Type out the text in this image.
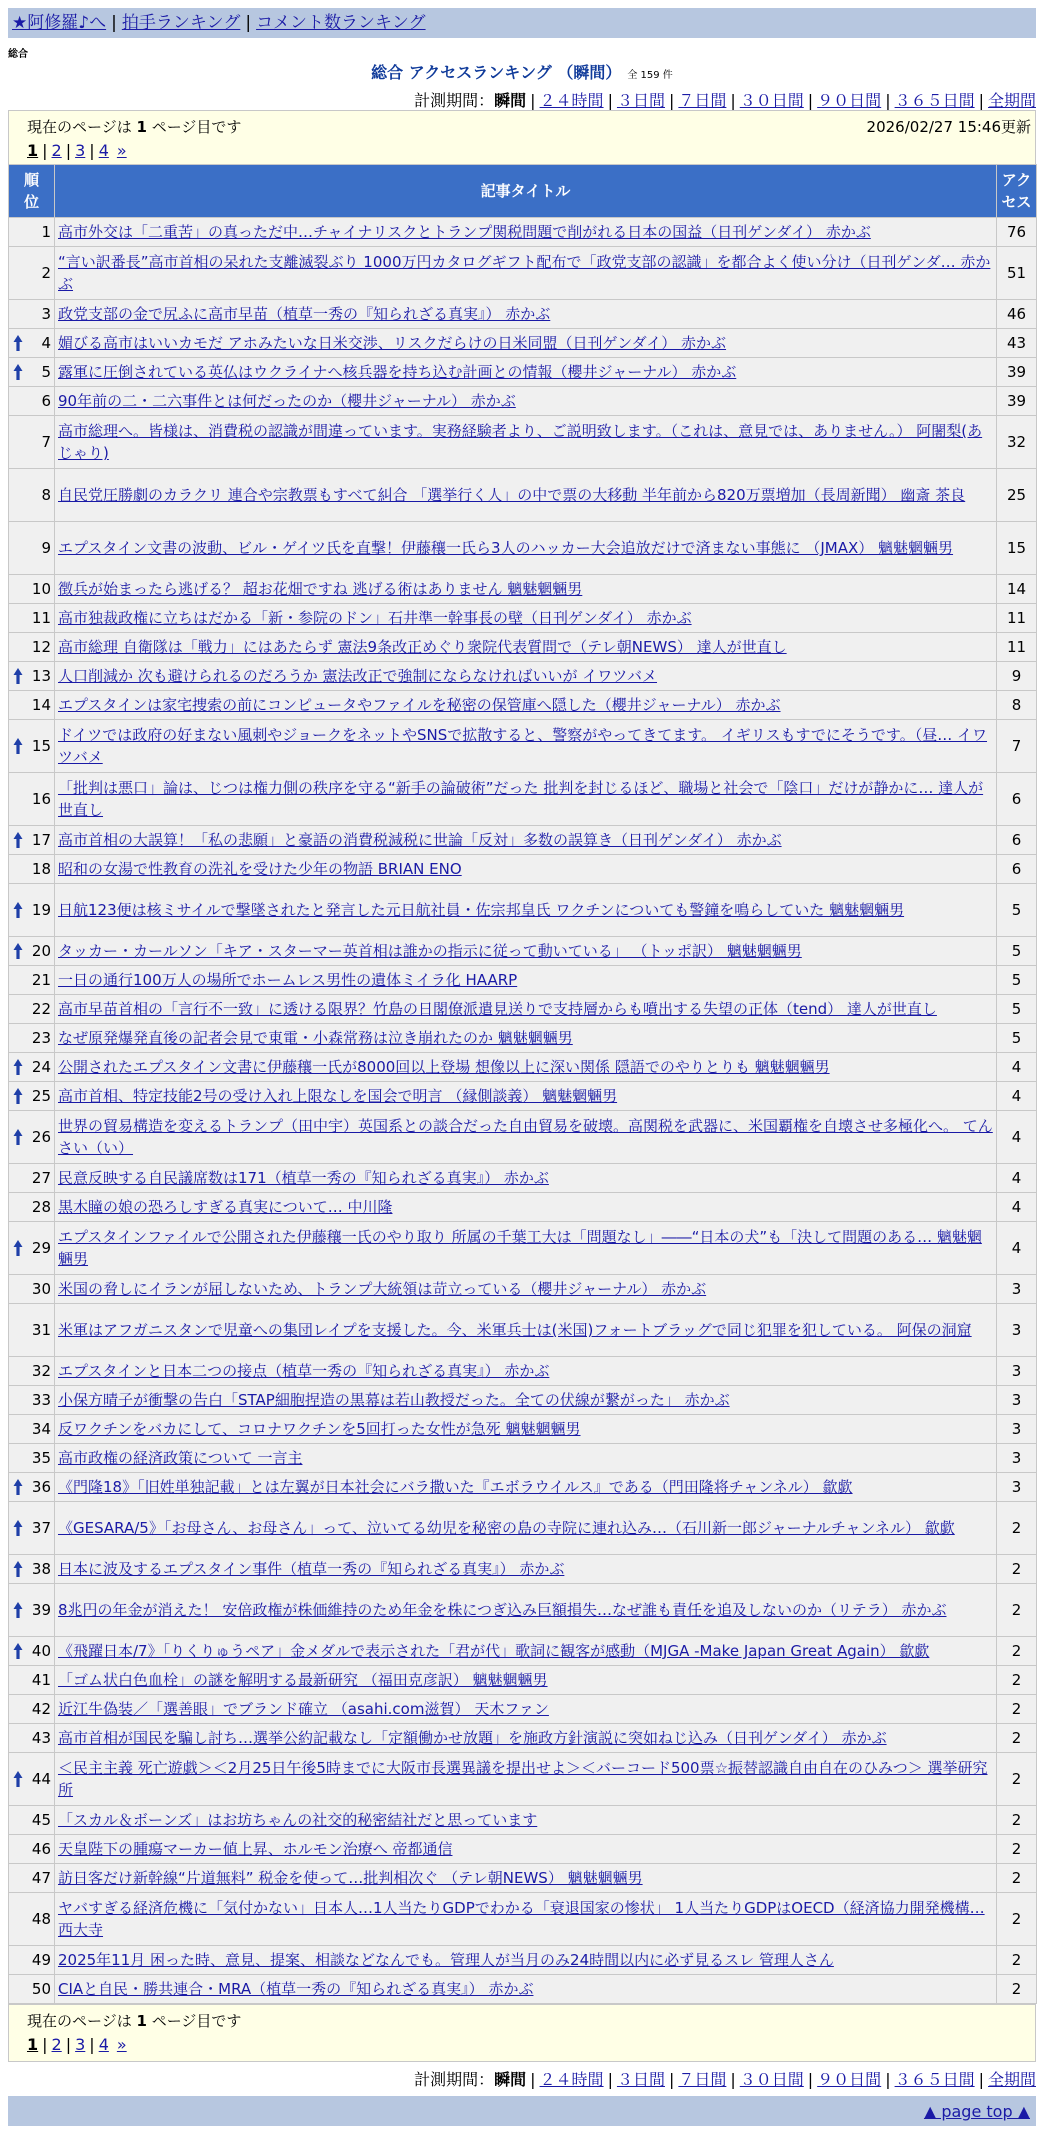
★阿修羅♪へ | 拍手ランキング | コメント数ランキング
総合
総合 アクセスランキング （瞬間） 全 159 件
計測期間：瞬間 | ２４時間 | ３日間 | ７日間 | ３０日間 | ９０日間 | ３６５日間 | 全期間
現在のページは 1 ページ目です	2026/02/27 15:46更新
1 | 2 | 3 | 4 »
順
位	記事タイトル	アク
セス
1	高市外交は「二重苦」の真っただ中…チャイナリスクとトランプ関税問題で削がれる日本の国益（日刊ゲンダイ） 赤かぶ	76
2	“言い訳番長”高市首相の呆れた支離滅裂ぶり 1000万円カタログギフト配布で「政党支部の認識」を都合よく使い分け（日刊ゲンダ… 赤かぶ	51
3	政党支部の金で尻ふに高市早苗（植草一秀の『知られざる真実』） 赤かぶ	46

4	媚びる高市はいいカモだ アホみたいな日米交渉、リスクだらけの日米同盟（日刊ゲンダイ） 赤かぶ	43

5	露軍に圧倒されている英仏はウクライナへ核兵器を持ち込む計画との情報（櫻井ジャーナル） 赤かぶ	39
6	90年前の二・二六事件とは何だったのか（櫻井ジャーナル） 赤かぶ	39
7	高市総理へ。皆様は、消費税の認識が間違っています。実務経験者より、ご説明致します。（これは、意見では、ありません。） 阿闍梨(あじゃり)	32
8	自民党圧勝劇のカラクリ 連合や宗教票もすべて糾合 「選挙行く人」の中で票の大移動 半年前から820万票増加（長周新聞） 幽斎 茶良	25
9	エプスタイン文書の波動、ビル・ゲイツ氏を直撃！伊藤穰一氏ら3人のハッカー大会追放だけで済まない事態に （JMAX） 魑魅魍魎男	15
10	徴兵が始まったら逃げる？ 超お花畑ですね 逃げる術はありません 魑魅魍魎男	14
11	高市独裁政権に立ちはだかる「新・参院のドン」石井準一幹事長の壁（日刊ゲンダイ） 赤かぶ	11
12	高市総理 自衛隊は「戦力」にはあたらず 憲法9条改正めぐり衆院代表質問で（テレ朝NEWS） 達人が世直し	11

13	人口削減か 次も避けられるのだろうか 憲法改正で強制にならなければいいが イワツバメ	9
14	エプスタインは家宅捜索の前にコンピュータやファイルを秘密の保管庫へ隠した（櫻井ジャーナル） 赤かぶ	8

15	ドイツでは政府の好まない風刺やジョークをネットやSNSで拡散すると、警察がやってきてます。 イギリスもすでにそうです。（昼… イワツバメ	7
16	「批判は悪口」論は、じつは権力側の秩序を守る“新手の論破術”だった 批判を封じるほど、職場と社会で「陰口」だけが静かに… 達人が世直し	6

17	高市首相の大誤算！「私の悲願」と豪語の消費税減税に世論「反対」多数の誤算き（日刊ゲンダイ） 赤かぶ	6
18	昭和の女湯で性教育の洗礼を受けた少年の物語 BRIAN ENO	6

19	日航123便は核ミサイルで撃墜されたと発言した元日航社員・佐宗邦皇氏 ワクチンについても警鐘を鳴らしていた 魑魅魍魎男	5

20	タッカー・カールソン「キア・スターマー英首相は誰かの指示に従って動いている」 （トッポ訳） 魑魅魍魎男	5
21	一日の通行100万人の場所でホームレス男性の遺体ミイラ化 HAARP	5
22	高市早苗首相の「言行不一致」に透ける限界？竹島の日閣僚派遣見送りで支持層からも噴出する失望の正体（tend） 達人が世直し	5
23	なぜ原発爆発直後の記者会見で東電・小森常務は泣き崩れたのか 魑魅魍魎男	5

24	公開されたエプスタイン文書に伊藤穰一氏が8000回以上登場 想像以上に深い関係 隠語でのやりとりも 魑魅魍魎男	4

25	高市首相、特定技能2号の受け入れ上限なしを国会で明言 （縁側談義） 魑魅魍魎男	4

26	世界の貿易構造を変えるトランプ（田中宇）英国系との談合だった自由貿易を破壊。高関税を武器に、米国覇権を自壊させ多極化へ。 てんさい（い）	4
27	民意反映する自民議席数は171（植草一秀の『知られざる真実』） 赤かぶ	4
28	黒木瞳の娘の恐ろしすぎる真実について… 中川隆	4

29	エプスタインファイルで公開された伊藤穰一氏のやり取り 所属の千葉工大は「問題なし」――“日本の犬”も「決して問題のある… 魑魅魍魎男	4
30	米国の脅しにイランが屈しないため、トランプ大統領は苛立っている（櫻井ジャーナル） 赤かぶ	3
31	米軍はアフガニスタンで児童への集団レイプを支援した。今、米軍兵士は(米国)フォートブラッグで同じ犯罪を犯している。 阿保の洞窟	3
32	エプスタインと日本二つの接点（植草一秀の『知られざる真実』） 赤かぶ	3
33	小保方晴子が衝撃の告白「STAP細胞捏造の黒幕は若山教授だった。全ての伏線が繋がった」 赤かぶ	3
34	反ワクチンをバカにして、コロナワクチンを5回打った女性が急死 魑魅魍魎男	3
35	高市政権の経済政策について 一言主	3

36	《門隆18》「旧姓単独記載」とは左翼が日本社会にバラ撒いた『エボラウイルス』である（門田隆将チャンネル） 歙歔	3

37	《GESARA/5》「お母さん、お母さん」って、泣いてる幼児を秘密の島の寺院に連れ込み…（石川新一郎ジャーナルチャンネル） 歙歔	2

38	日本に波及するエプスタイン事件（植草一秀の『知られざる真実』） 赤かぶ	2

39	8兆円の年金が消えた！ 安倍政権が株価維持のため年金を株につぎ込み巨額損失…なぜ誰も責任を追及しないのか（リテラ） 赤かぶ	2

40	《飛躍日本/7》「りくりゅうペア」金メダルで表示された「君が代」歌詞に観客が感動（MJGA -Make Japan Great Again） 歙歔	2
41	「ゴム状白色血栓」の謎を解明する最新研究 （福田克彦訳） 魑魅魍魎男	2
42	近江牛偽装／「選善眼」でブランド確立 （asahi.com滋賀） 天木ファン	2
43	高市首相が国民を騙し討ち…選挙公約記載なし「定額働かせ放題」を施政方針演説に突如ねじ込み（日刊ゲンダイ） 赤かぶ	2

44	＜民主主義 死亡遊戯＞＜2月25日午後5時までに大阪市長選異議を提出せよ＞＜バーコード500票☆振替認識自由自在のひみつ＞ 選挙研究所	2
45	「スカル＆ボーンズ」はお坊ちゃんの社交的秘密結社だと思っています	2
46	天皇陛下の腫瘍マーカー値上昇、ホルモン治療へ 帝都通信	2
47	訪日客だけ新幹線“片道無料” 税金を使って…批判相次ぐ （テレ朝NEWS） 魑魅魍魎男	2
48	ヤバすぎる経済危機に「気付かない」日本人…1人当たりGDPでわかる「衰退国家の惨状」 1人当たりGDPはOECD（経済協力開発機構… 西大寺	2
49	2025年11月 困った時、意見、提案、相談などなんでも。管理人が当月のみ24時間以内に必ず見るスレ 管理人さん	2
50	CIAと自民・勝共連合・MRA（植草一秀の『知られざる真実』） 赤かぶ	2
現在のページは 1 ページ目です
1 | 2 | 3 | 4 »
計測期間：瞬間 | ２４時間 | ３日間 | ７日間 | ３０日間 | ９０日間 | ３６５日間 | 全期間
▲ page top ▲
